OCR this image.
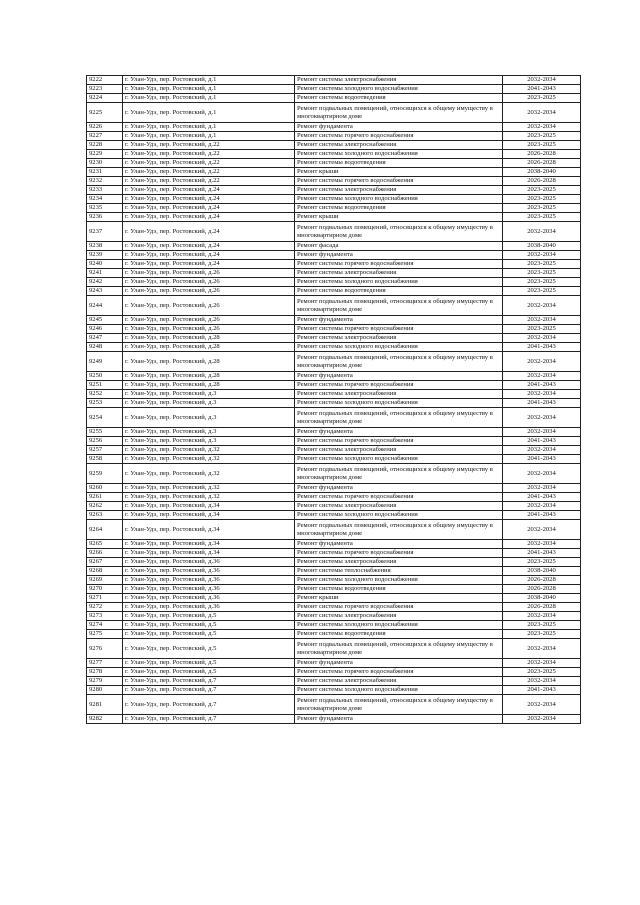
9222	г. Улан-Удэ, пер. Ростовский, д.1	Ремонт системы электроснабжения	2032-2034
9223	г. Улан-Удэ, пер. Ростовский, д.1	Ремонт системы холодного водоснабжения	2041-2043
9224	г. Улан-Удэ, пер. Ростовский, д.1	Ремонт системы водоотведения	2023-2025
9225	г. Улан-Удэ, пер. Ростовский, д.1	Ремонт подвальных помещений, относящихся к общему имуществу в многоквартирном доме	2032-2034
9226	г. Улан-Удэ, пер. Ростовский, д.1	Ремонт фундамента	2032-2034
9227	г. Улан-Удэ, пер. Ростовский, д.1	Ремонт системы горячего водоснабжения	2023-2025
9228	г. Улан-Удэ, пер. Ростовский, д.22	Ремонт системы электроснабжения	2023-2025
9229	г. Улан-Удэ, пер. Ростовский, д.22	Ремонт системы холодного водоснабжения	2026-2028
9230	г. Улан-Удэ, пер. Ростовский, д.22	Ремонт системы водоотведения	2026-2028
9231	г. Улан-Удэ, пер. Ростовский, д.22	Ремонт крыши	2038-2040
9232	г. Улан-Удэ, пер. Ростовский, д.22	Ремонт системы горячего водоснабжения	2026-2028
9233	г. Улан-Удэ, пер. Ростовский, д.24	Ремонт системы электроснабжения	2023-2025
9234	г. Улан-Удэ, пер. Ростовский, д.24	Ремонт системы холодного водоснабжения	2023-2025
9235	г. Улан-Удэ, пер. Ростовский, д.24	Ремонт системы водоотведения	2023-2025
9236	г. Улан-Удэ, пер. Ростовский, д.24	Ремонт крыши	2023-2025
9237	г. Улан-Удэ, пер. Ростовский, д.24	Ремонт подвальных помещений, относящихся к общему имуществу в многоквартирном доме	2032-2034
9238	г. Улан-Удэ, пер. Ростовский, д.24	Ремонт фасада	2038-2040
9239	г. Улан-Удэ, пер. Ростовский, д.24	Ремонт фундамента	2032-2034
9240	г. Улан-Удэ, пер. Ростовский, д.24	Ремонт системы горячего водоснабжения	2023-2025
9241	г. Улан-Удэ, пер. Ростовский, д.26	Ремонт системы электроснабжения	2023-2025
9242	г. Улан-Удэ, пер. Ростовский, д.26	Ремонт системы холодного водоснабжения	2023-2025
9243	г. Улан-Удэ, пер. Ростовский, д.26	Ремонт системы водоотведения	2023-2025
9244	г. Улан-Удэ, пер. Ростовский, д.26	Ремонт подвальных помещений, относящихся к общему имуществу в многоквартирном доме	2032-2034
9245	г. Улан-Удэ, пер. Ростовский, д.26	Ремонт фундамента	2032-2034
9246	г. Улан-Удэ, пер. Ростовский, д.26	Ремонт системы горячего водоснабжения	2023-2025
9247	г. Улан-Удэ, пер. Ростовский, д.28	Ремонт системы электроснабжения	2032-2034
9248	г. Улан-Удэ, пер. Ростовский, д.28	Ремонт системы холодного водоснабжения	2041-2043
9249	г. Улан-Удэ, пер. Ростовский, д.28	Ремонт подвальных помещений, относящихся к общему имуществу в многоквартирном доме	2032-2034
9250	г. Улан-Удэ, пер. Ростовский, д.28	Ремонт фундамента	2032-2034
9251	г. Улан-Удэ, пер. Ростовский, д.28	Ремонт системы горячего водоснабжения	2041-2043
9252	г. Улан-Удэ, пер. Ростовский, д.3	Ремонт системы электроснабжения	2032-2034
9253	г. Улан-Удэ, пер. Ростовский, д.3	Ремонт системы холодного водоснабжения	2041-2043
9254	г. Улан-Удэ, пер. Ростовский, д.3	Ремонт подвальных помещений, относящихся к общему имуществу в многоквартирном доме	2032-2034
9255	г. Улан-Удэ, пер. Ростовский, д.3	Ремонт фундамента	2032-2034
9256	г. Улан-Удэ, пер. Ростовский, д.3	Ремонт системы горячего водоснабжения	2041-2043
9257	г. Улан-Удэ, пер. Ростовский, д.32	Ремонт системы электроснабжения	2032-2034
9258	г. Улан-Удэ, пер. Ростовский, д.32	Ремонт системы холодного водоснабжения	2041-2043
9259	г. Улан-Удэ, пер. Ростовский, д.32	Ремонт подвальных помещений, относящихся к общему имуществу в многоквартирном доме	2032-2034
9260	г. Улан-Удэ, пер. Ростовский, д.32	Ремонт фундамента	2032-2034
9261	г. Улан-Удэ, пер. Ростовский, д.32	Ремонт системы горячего водоснабжения	2041-2043
9262	г. Улан-Удэ, пер. Ростовский, д.34	Ремонт системы электроснабжения	2032-2034
9263	г. Улан-Удэ, пер. Ростовский, д.34	Ремонт системы холодного водоснабжения	2041-2043
9264	г. Улан-Удэ, пер. Ростовский, д.34	Ремонт подвальных помещений, относящихся к общему имуществу в многоквартирном доме	2032-2034
9265	г. Улан-Удэ, пер. Ростовский, д.34	Ремонт фундамента	2032-2034
9266	г. Улан-Удэ, пер. Ростовский, д.34	Ремонт системы горячего водоснабжения	2041-2043
9267	г. Улан-Удэ, пер. Ростовский, д.36	Ремонт системы электроснабжения	2023-2025
9268	г. Улан-Удэ, пер. Ростовский, д.36	Ремонт системы теплоснабжения	2038-2040
9269	г. Улан-Удэ, пер. Ростовский, д.36	Ремонт системы холодного водоснабжения	2026-2028
9270	г. Улан-Удэ, пер. Ростовский, д.36	Ремонт системы водоотведения	2026-2028
9271	г. Улан-Удэ, пер. Ростовский, д.36	Ремонт крыши	2038-2040
9272	г. Улан-Удэ, пер. Ростовский, д.36	Ремонт системы горячего водоснабжения	2026-2028
9273	г. Улан-Удэ, пер. Ростовский, д.5	Ремонт системы электроснабжения	2032-2034
9274	г. Улан-Удэ, пер. Ростовский, д.5	Ремонт системы холодного водоснабжения	2023-2025
9275	г. Улан-Удэ, пер. Ростовский, д.5	Ремонт системы водоотведения	2023-2025
9276	г. Улан-Удэ, пер. Ростовский, д.5	Ремонт подвальных помещений, относящихся к общему имуществу в многоквартирном доме	2032-2034
9277	г. Улан-Удэ, пер. Ростовский, д.5	Ремонт фундамента	2032-2034
9278	г. Улан-Удэ, пер. Ростовский, д.5	Ремонт системы горячего водоснабжения	2023-2025
9279	г. Улан-Удэ, пер. Ростовский, д.7	Ремонт системы электроснабжения	2032-2034
9280	г. Улан-Удэ, пер. Ростовский, д.7	Ремонт системы холодного водоснабжения	2041-2043
9281	г. Улан-Удэ, пер. Ростовский, д.7	Ремонт подвальных помещений, относящихся к общему имуществу в многоквартирном доме	2032-2034
9282	г. Улан-Удэ, пер. Ростовский, д.7	Ремонт фундамента	2032-2034
